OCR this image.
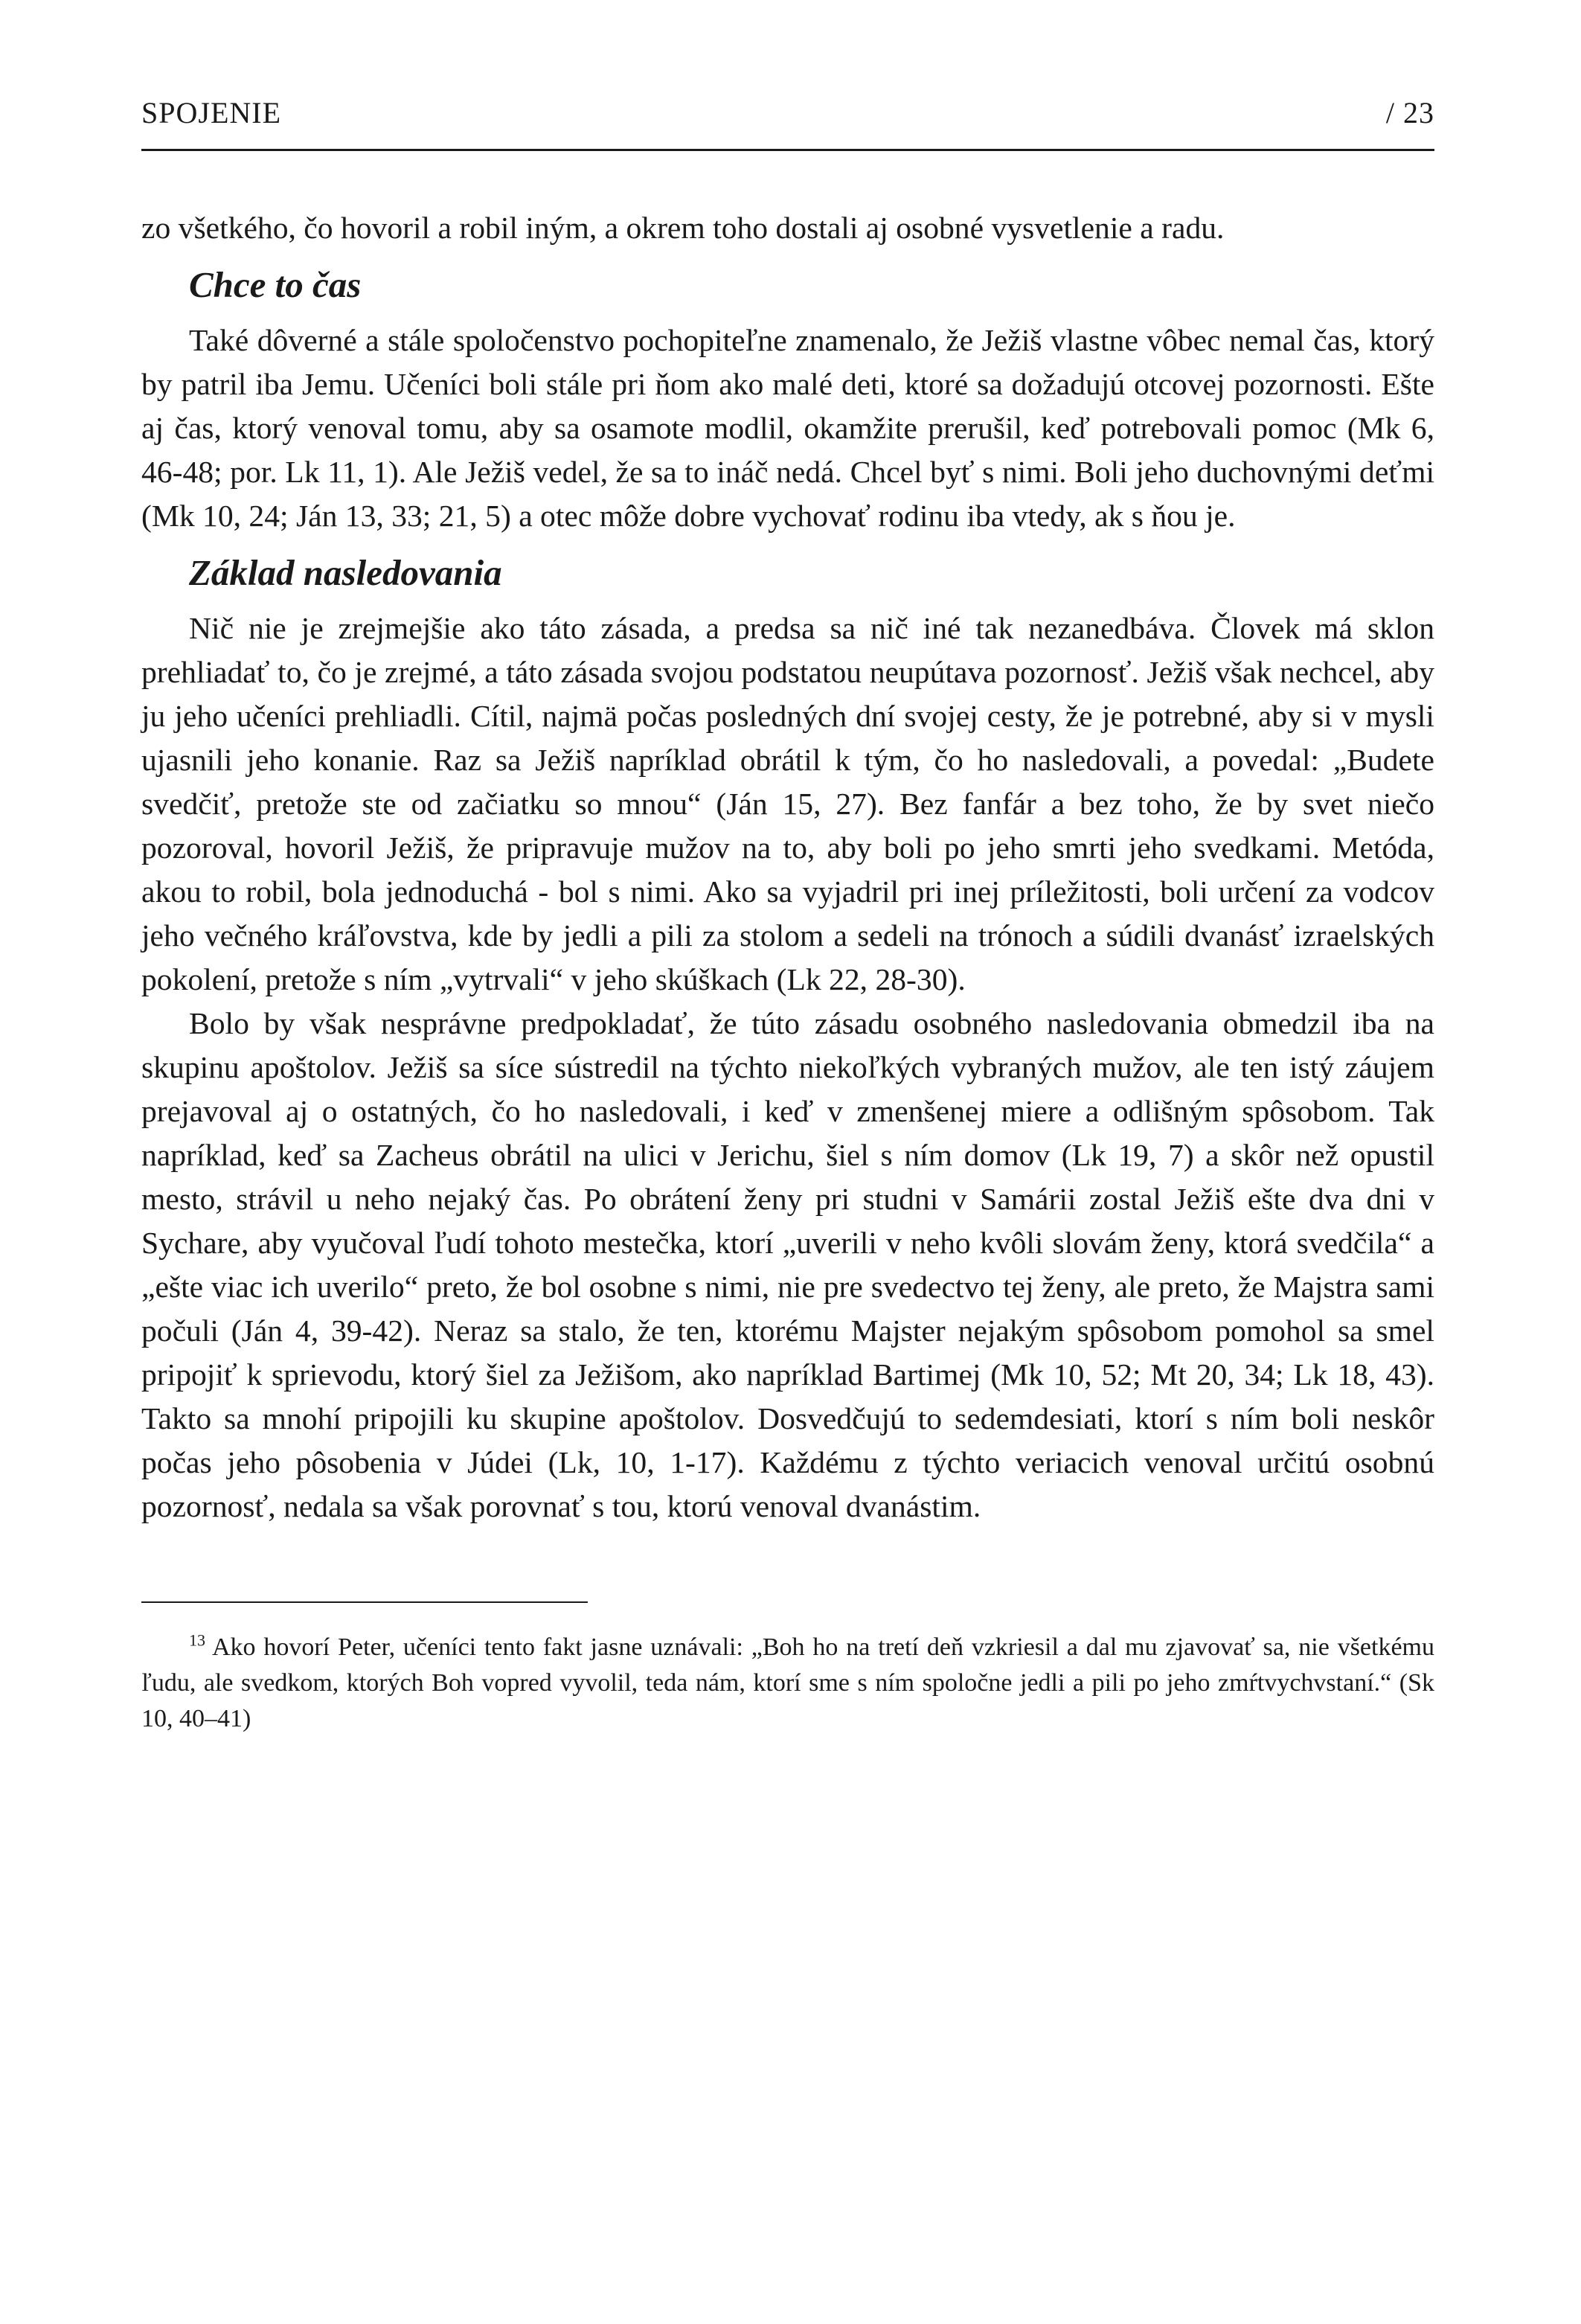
SPOJENIE	/ 23

zo všetkého, čo hovoril a robil iným, a okrem toho dostali aj osobné vysvetlenie a radu.

Chce to čas

Také dôverné a stále spoločenstvo pochopiteľne znamenalo, že Ježiš vlastne vôbec nemal čas, ktorý by patril iba Jemu. Učeníci boli stále pri ňom ako malé deti, ktoré sa dožadujú otcovej pozornosti. Ešte aj čas, ktorý venoval tomu, aby sa osamote modlil, okamžite prerušil, keď potrebovali pomoc (Mk 6, 46-48; por. Lk 11, 1). Ale Ježiš vedel, že sa to ináč nedá. Chcel byť s nimi. Boli jeho duchovnými deťmi (Mk 10, 24; Ján 13, 33; 21, 5) a otec môže dobre vychovať rodinu iba vtedy, ak s ňou je.

Základ nasledovania

Nič nie je zrejmejšie ako táto zásada, a predsa sa nič iné tak nezanedbáva. Človek má sklon prehliadať to, čo je zrejmé, a táto zásada svojou podstatou neupútava pozornosť. Ježiš však nechcel, aby ju jeho učeníci prehliadli. Cítil, najmä počas posledných dní svojej cesty, že je potrebné, aby si v mysli ujasnili jeho konanie. Raz sa Ježiš napríklad obrátil k tým, čo ho nasledovali, a povedal: „Budete svedčiť, pretože ste od začiatku so mnou“ (Ján 15, 27). Bez fanfár a bez toho, že by svet niečo pozoroval, hovoril Ježiš, že pripravuje mužov na to, aby boli po jeho smrti jeho svedkami. Metóda, akou to robil, bola jednoduchá - bol s nimi. Ako sa vyjadril pri inej príležitosti, boli určení za vodcov jeho večného kráľovstva, kde by jedli a pili za stolom a sedeli na trónoch a súdili dvanásť izraelských pokolení, pretože s ním „vytrvali“ v jeho skúškach (Lk 22, 28-30).

Bolo by však nesprávne predpokladať, že túto zásadu osobného nasledovania obmedzil iba na skupinu apoštolov. Ježiš sa síce sústredil na týchto niekoľkých vybraných mužov, ale ten istý záujem prejavoval aj o ostatných, čo ho nasledovali, i keď v zmenšenej miere a odlišným spôsobom. Tak napríklad, keď sa Zacheus obrátil na ulici v Jerichu, šiel s ním domov (Lk 19, 7) a skôr než opustil mesto, strávil u neho nejaký čas. Po obrátení ženy pri studni v Samárii zostal Ježiš ešte dva dni v Sychare, aby vyučoval ľudí tohoto mestečka, ktorí „uverili v neho kvôli slovám ženy, ktorá svedčila“ a „ešte viac ich uverilo“ preto, že bol osobne s nimi, nie pre svedectvo tej ženy, ale preto, že Majstra sami počuli (Ján 4, 39-42). Neraz sa stalo, že ten, ktorému Majster nejakým spôsobom pomohol sa smel pripojiť k sprievodu, ktorý šiel za Ježišom, ako napríklad Bartimej (Mk 10, 52; Mt 20, 34; Lk 18, 43). Takto sa mnohí pripojili ku skupine apoštolov. Dosvedčujú to sedemdesiati, ktorí s ním boli neskôr počas jeho pôsobenia v Júdei (Lk, 10, 1-17). Každému z týchto veriacich venoval určitú osobnú pozornosť, nedala sa však porovnať s tou, ktorú venoval dvanástim.

$^{13}$ Ako hovorí Peter, učeníci tento fakt jasne uznávali: „Boh ho na tretí deň vzkriesil a dal mu zjavovať sa, nie všetkému ľudu, ale svedkom, ktorých Boh vopred vyvolil, teda nám, ktorí sme s ním spoločne jedli a pili po jeho zmŕtvychvstaní.“ (Sk 10, 40–41)
